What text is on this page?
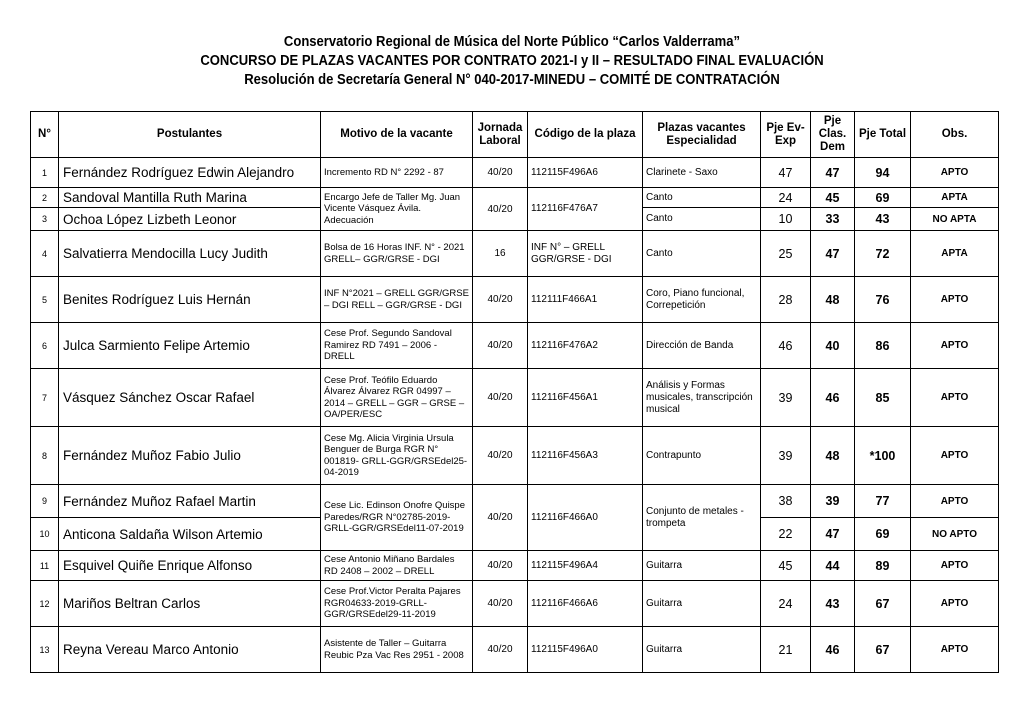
Conservatorio Regional de Música del Norte Público “Carlos Valderrama”
CONCURSO DE PLAZAS VACANTES POR CONTRATO 2021-I y II – RESULTADO FINAL EVALUACIÓN
Resolución de Secretaría General N° 040-2017-MINEDU – COMITÉ DE CONTRATACIÓN
N°	Postulantes	Motivo de la vacante	Jornada Laboral	Código de la plaza	Plazas vacantes Especialidad	Pje Ev- Exp	Pje Clas. Dem	Pje Total	Obs.
1	Fernández Rodríguez Edwin Alejandro	Incremento RD N° 2292 - 87	40/20	112115F496A6	Clarinete - Saxo	47	47	94	APTO
2	Sandoval Mantilla Ruth Marina	Encargo Jefe de Taller Mg. Juan Vicente Vásquez Ávila. Adecuación	40/20	112116F476A7	Canto	24	45	69	APTA
3	Ochoa López Lizbeth Leonor				Canto	10	33	43	NO APTA
4	Salvatierra Mendocilla Lucy Judith	Bolsa de 16 Horas INF. N° - 2021 GRELL– GGR/GRSE - DGI	16	INF N° – GRELL GGR/GRSE - DGI	Canto	25	47	72	APTA
5	Benites Rodríguez Luis Hernán	INF N°2021 – GRELL GGR/GRSE – DGI RELL – GGR/GRSE - DGI	40/20	112111F466A1	Coro, Piano funcional, Correpetición	28	48	76	APTO
6	Julca Sarmiento Felipe Artemio	Cese Prof. Segundo Sandoval Ramirez RD 7491 – 2006 - DRELL	40/20	112116F476A2	Dirección de Banda	46	40	86	APTO
7	Vásquez Sánchez Oscar Rafael	Cese Prof. Teófilo Eduardo Álvarez Álvarez RGR 04997 – 2014 – GRELL – GGR – GRSE – OA/PER/ESC	40/20	112116F456A1	Análisis y Formas musicales, transcripción musical	39	46	85	APTO
8	Fernández Muñoz Fabio Julio	Cese Mg. Alicia Virginia Ursula Benguer de Burga RGR N° 001819- GRLL-GGR/GRSEdel25-04-2019	40/20	112116F456A3	Contrapunto	39	48	*100	APTO
9	Fernández Muñoz Rafael Martin	Cese Lic. Edinson Onofre Quispe Paredes/RGR N°02785-2019- GRLL-GGR/GRSEdel11-07-2019	40/20	112116F466A0	Conjunto de metales - trompeta	38	39	77	APTO
10	Anticona Saldaña Wilson Artemio					22	47	69	NO APTO
11	Esquivel Quiñe Enrique Alfonso	Cese Antonio Miñano Bardales RD 2408 – 2002 – DRELL	40/20	112115F496A4	Guitarra	45	44	89	APTO
12	Mariños Beltran Carlos	Cese Prof.Victor Peralta Pajares RGR04633-2019-GRLL-GGR/GRSEdel29-11-2019	40/20	112116F466A6	Guitarra	24	43	67	APTO
13	Reyna Vereau Marco Antonio	Asistente de Taller – Guitarra Reubic Pza Vac Res 2951 - 2008	40/20	112115F496A0	Guitarra	21	46	67	APTO
